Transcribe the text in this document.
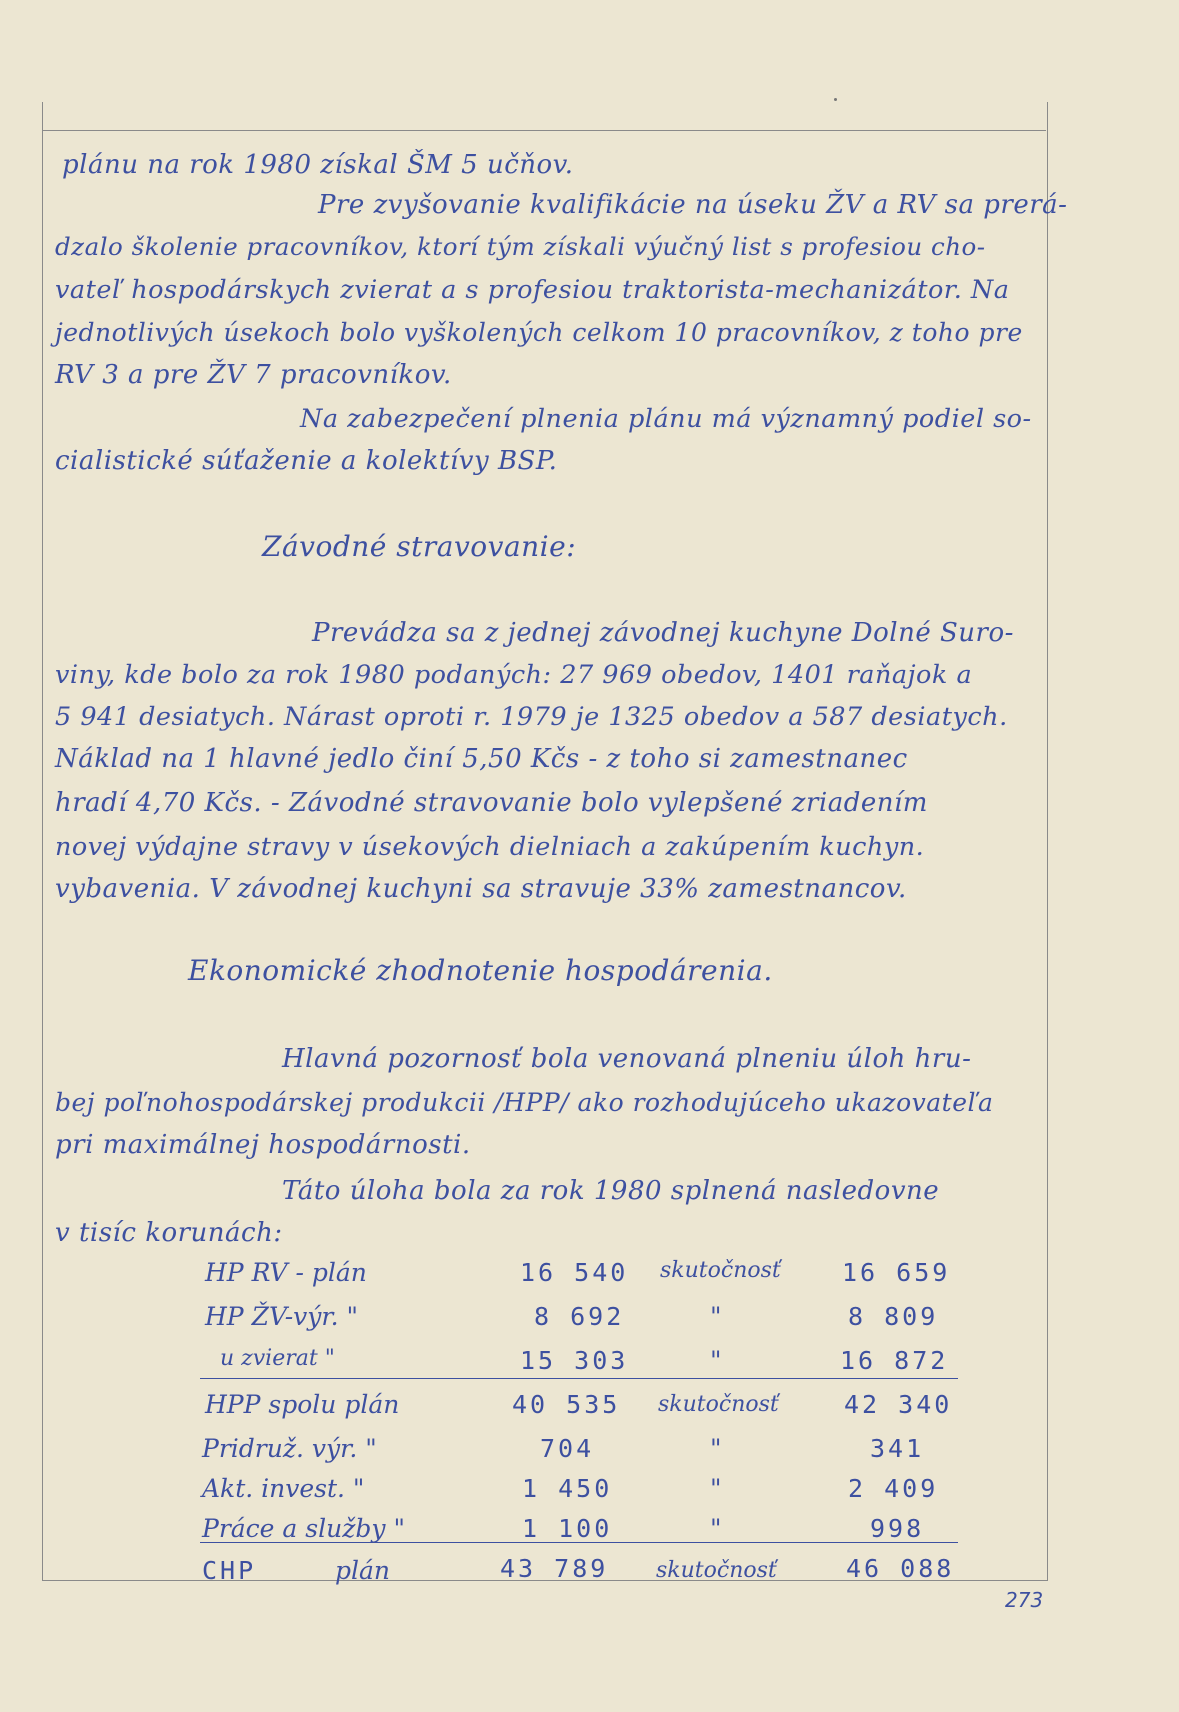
plánu na rok 1980 získal ŠM 5 učňov.
Pre zvyšovanie kvalifikácie na úseku ŽV a RV sa prerá-
dzalo školenie pracovníkov, ktorí tým získali výučný list s profesiou cho-
vateľ hospodárskych zvierat a s profesiou traktorista-mechanizátor. Na
jednotlivých úsekoch bolo vyškolených celkom 10 pracovníkov, z toho pre
RV 3 a pre ŽV 7 pracovníkov.
Na zabezpečení plnenia plánu má významný podiel so-
cialistické súťaženie a kolektívy BSP.
Závodné stravovanie:
Prevádza sa z jednej závodnej kuchyne Dolné Suro-
viny, kde bolo za rok 1980 podaných: 27 969 obedov, 1401 raňajok a
5 941 desiatych. Nárast oproti r. 1979 je 1325 obedov a 587 desiatych.
Náklad na 1 hlavné jedlo činí 5,50 Kčs - z toho si zamestnanec
hradí 4,70 Kčs. - Závodné stravovanie bolo vylepšené zriadením
novej výdajne stravy v úsekových dielniach a zakúpením kuchyn.
vybavenia. V závodnej kuchyni sa stravuje 33% zamestnancov.
Ekonomické zhodnotenie hospodárenia.
Hlavná pozornosť bola venovaná plneniu úloh hru-
bej poľnohospodárskej produkcii /HPP/ ako rozhodujúceho ukazovateľa
pri maximálnej hospodárnosti.
Táto úloha bola za rok 1980 splnená nasledovne
v tisíc korunách:
HP RV - plán	16 540 skutočnosť 16 659
HP ŽV-výr. "	8 692	"	8 809
u zvierat "	15 303	"	16 872
HPP spolu plán	40 535 skutočnosť	42 340
Pridruž. výr. "	704	"	341
Akt. invest. "	1 450	"	2 409
Práce a služby "	1 100	"	998
CHP	plán	43 789 skutočnosť	46 088
273
